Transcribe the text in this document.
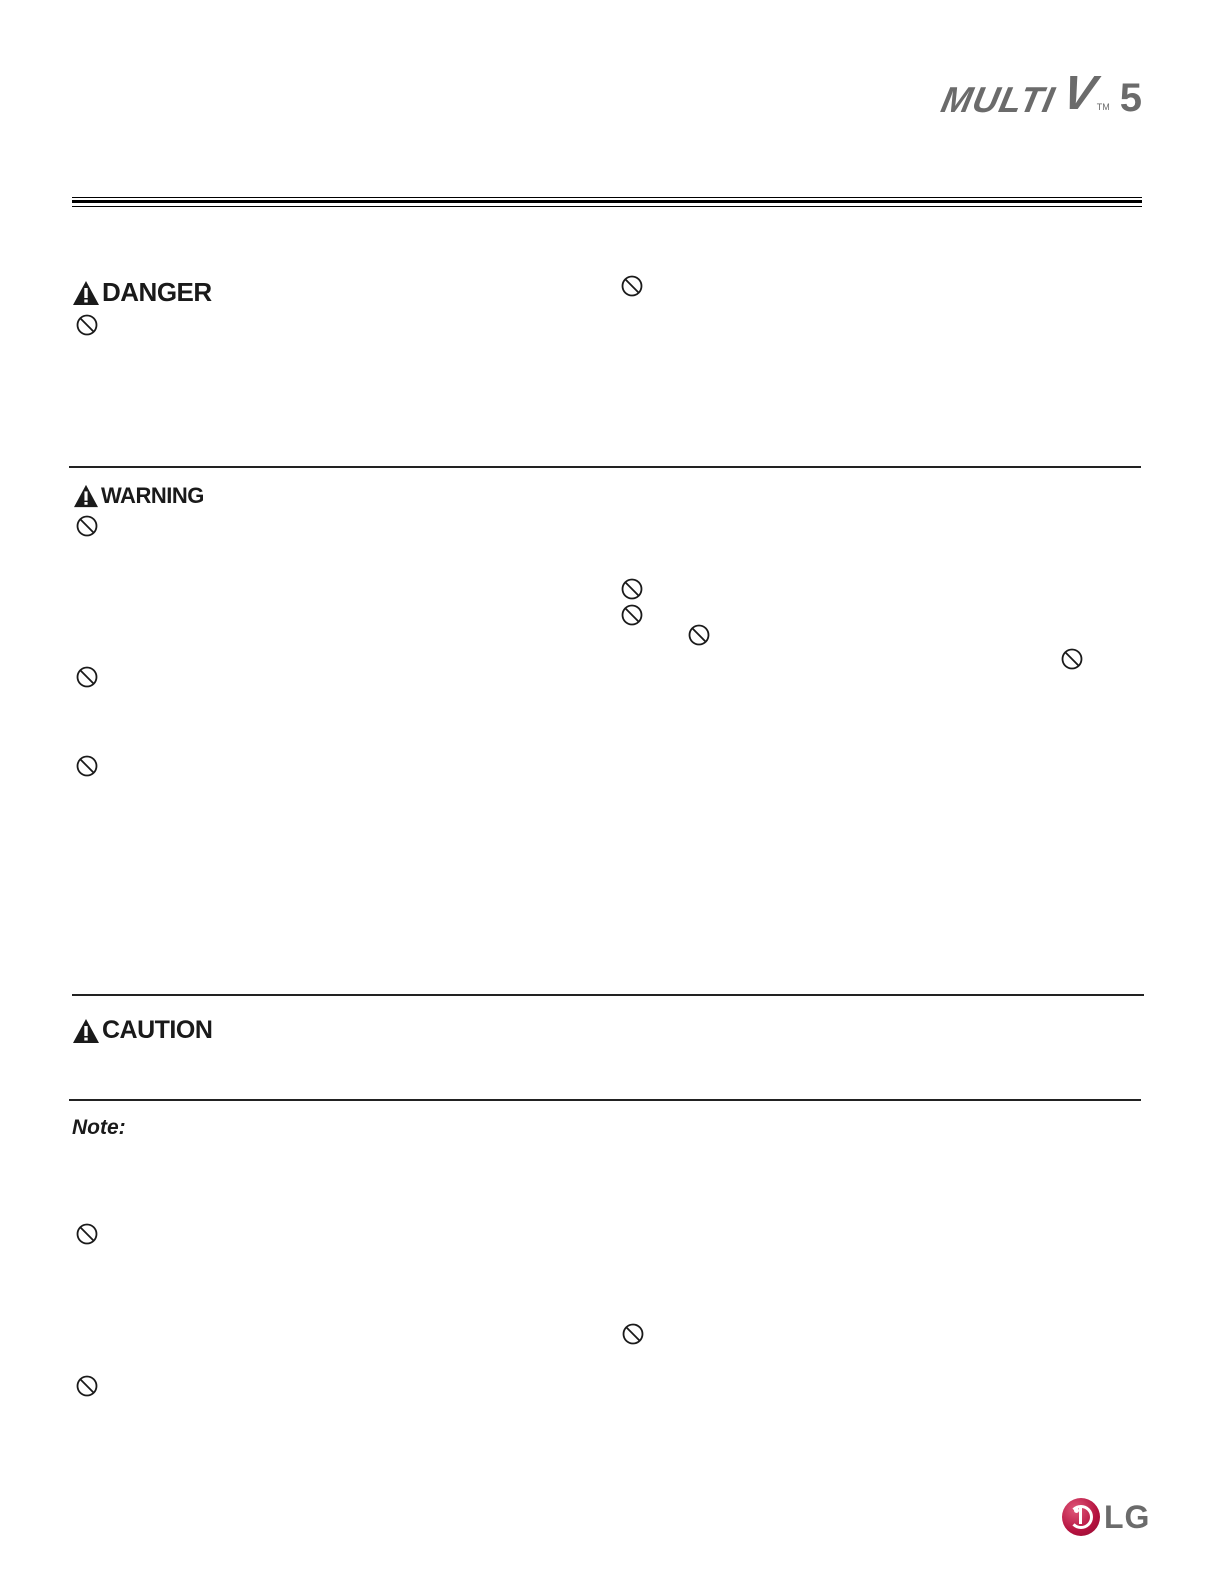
MULTI
V
TM 5
DANGER
WARNING
CAUTION
Note:
LG
